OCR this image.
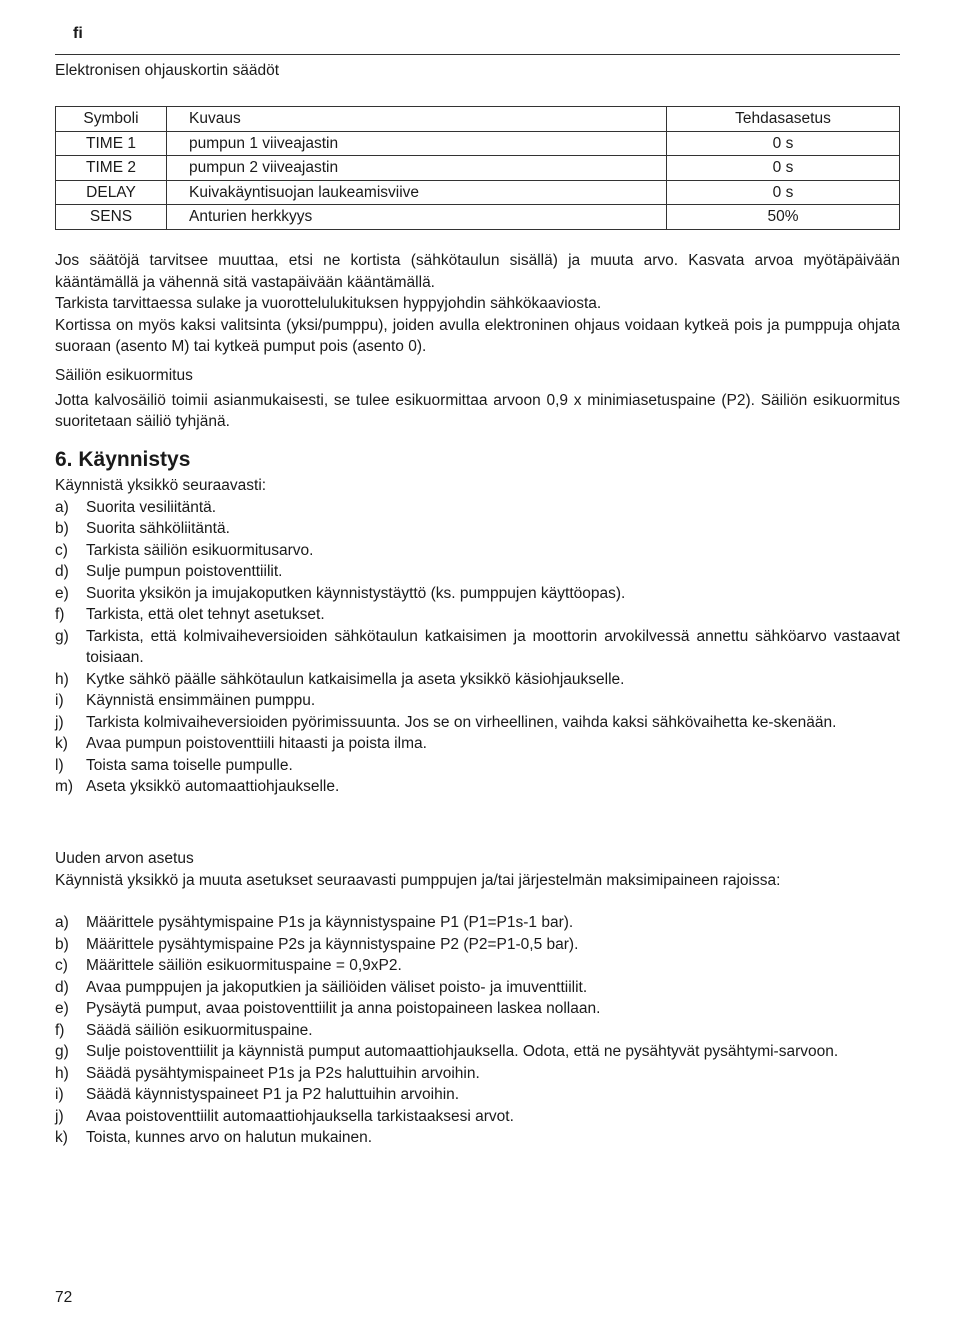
fi
Elektronisen ohjauskortin säädöt
Symboli	Kuvaus	Tehdasasetus
TIME 1	pumpun 1 viiveajastin	0 s
TIME 2	pumpun 2 viiveajastin	0 s
DELAY	Kuivakäyntisuojan laukeamisviive	0 s
SENS	Anturien herkkyys	50%

Jos säätöjä tarvitsee muuttaa, etsi ne kortista (sähkötaulun sisällä) ja muuta arvo. Kasvata arvoa myötäpäivään kääntämällä ja vähennä sitä vastapäivään kääntämällä.

Tarkista tarvittaessa sulake ja vuorottelulukituksen hyppyjohdin sähkökaaviosta.

Kortissa on myös kaksi valitsinta (yksi/pumppu), joiden avulla elektroninen ohjaus voidaan kytkeä pois ja pumppuja ohjata suoraan (asento M) tai kytkeä pumput pois (asento 0).

Säiliön esikuormitus

Jotta kalvosäiliö toimii asianmukaisesti, se tulee esikuormittaa arvoon 0,9 x minimiasetuspaine (P2). Säiliön esikuormitus suoritetaan säiliö tyhjänä.

6. Käynnistys

Käynnistä yksikkö seuraavasti:

a) Suorita vesiliitäntä.
b) Suorita sähköliitäntä.
c) Tarkista säiliön esikuormitusarvo.
d) Sulje pumpun poistoventtiilit.
e) Suorita yksikön ja imujakoputken käynnistystäyttö (ks. pumppujen käyttöopas).
f) Tarkista, että olet tehnyt asetukset.
g) Tarkista, että kolmivaiheversioiden sähkötaulun katkaisimen ja moottorin arvokilvessä annettu sähköarvo vastaavat toisiaan.
h) Kytke sähkö päälle sähkötaulun katkaisimella ja aseta yksikkö käsiohjaukselle.
i) Käynnistä ensimmäinen pumppu.
j) Tarkista kolmivaiheversioiden pyörimissuunta. Jos se on virheellinen, vaihda kaksi sähkövaihetta ke-skenään.
k) Avaa pumpun poistoventtiili hitaasti ja poista ilma.
l) Toista sama toiselle pumpulle.
m) Aseta yksikkö automaattiohjaukselle.

Uuden arvon asetus

Käynnistä yksikkö ja muuta asetukset seuraavasti pumppujen ja/tai järjestelmän maksimipaineen rajoissa:

a) Määrittele pysähtymispaine P1s ja käynnistyspaine P1 (P1=P1s-1 bar).
b) Määrittele pysähtymispaine P2s ja käynnistyspaine P2 (P2=P1-0,5 bar).
c) Määrittele säiliön esikuormituspaine = 0,9xP2.
d) Avaa pumppujen ja jakoputkien ja säiliöiden väliset poisto- ja imuventtiilit.
e) Pysäytä pumput, avaa poistoventtiilit ja anna poistopaineen laskea nollaan.
f) Säädä säiliön esikuormituspaine.
g) Sulje poistoventtiilit ja käynnistä pumput automaattiohjauksella. Odota, että ne pysähtyvät pysähtymi-sarvoon.
h) Säädä pysähtymispaineet P1s ja P2s haluttuihin arvoihin.
i) Säädä käynnistyspaineet P1 ja P2 haluttuihin arvoihin.
j) Avaa poistoventtiilit automaattiohjauksella tarkistaaksesi arvot.
k) Toista, kunnes arvo on halutun mukainen.
72
